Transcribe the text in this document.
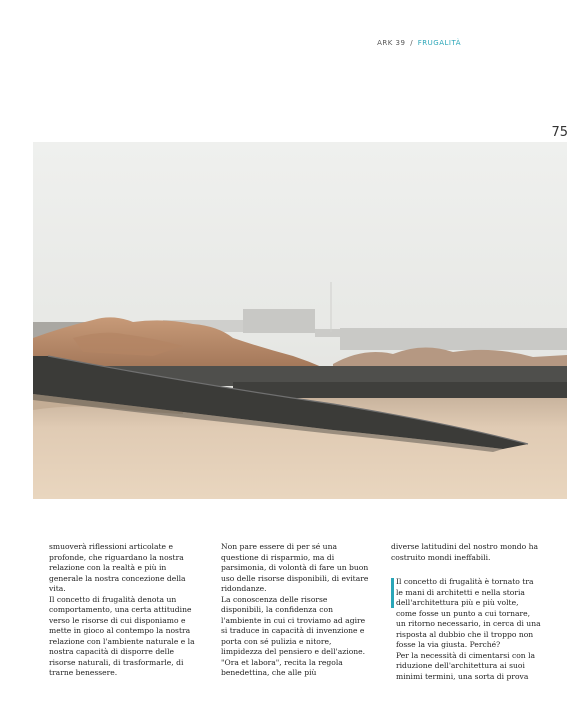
ARK 39 / FRUGALITÀ
75

smuoverà riflessioni articolate e profonde, che riguardano la nostra relazione con la realtà e più in generale la nostra concezione della vita.

Il concetto di frugalità denota un comportamento, una certa attitudine verso le risorse di cui disponiamo e mette in gioco al contempo la nostra relazione con l'ambiente naturale e la nostra capacità di disporre delle risorse naturali, di trasformarle, di trarne benessere.

Non pare essere di per sé una questione di risparmio, ma di parsimonia, di volontà di fare un buon uso delle risorse disponibili, di evitare ridondanze.

La conoscenza delle risorse disponibili, la confidenza con l'ambiente in cui ci troviamo ad agire si traduce in capacità di invenzione e porta con sé pulizia e nitore, limpidezza del pensiero e dell'azione. "Ora et labora", recita la regola benedettina, che alle più

diverse latitudini del nostro mondo ha costruito mondi ineffabili.

Il concetto di frugalità è tornato tra le mani di architetti e nella storia dell'architettura più e più volte, come fosse un punto a cui tornare, un ritorno necessario, in cerca di una risposta al dubbio che il troppo non fosse la via giusta. Perché?

Per la necessità di cimentarsi con la riduzione dell'architettura ai suoi minimi termini, una sorta di prova
